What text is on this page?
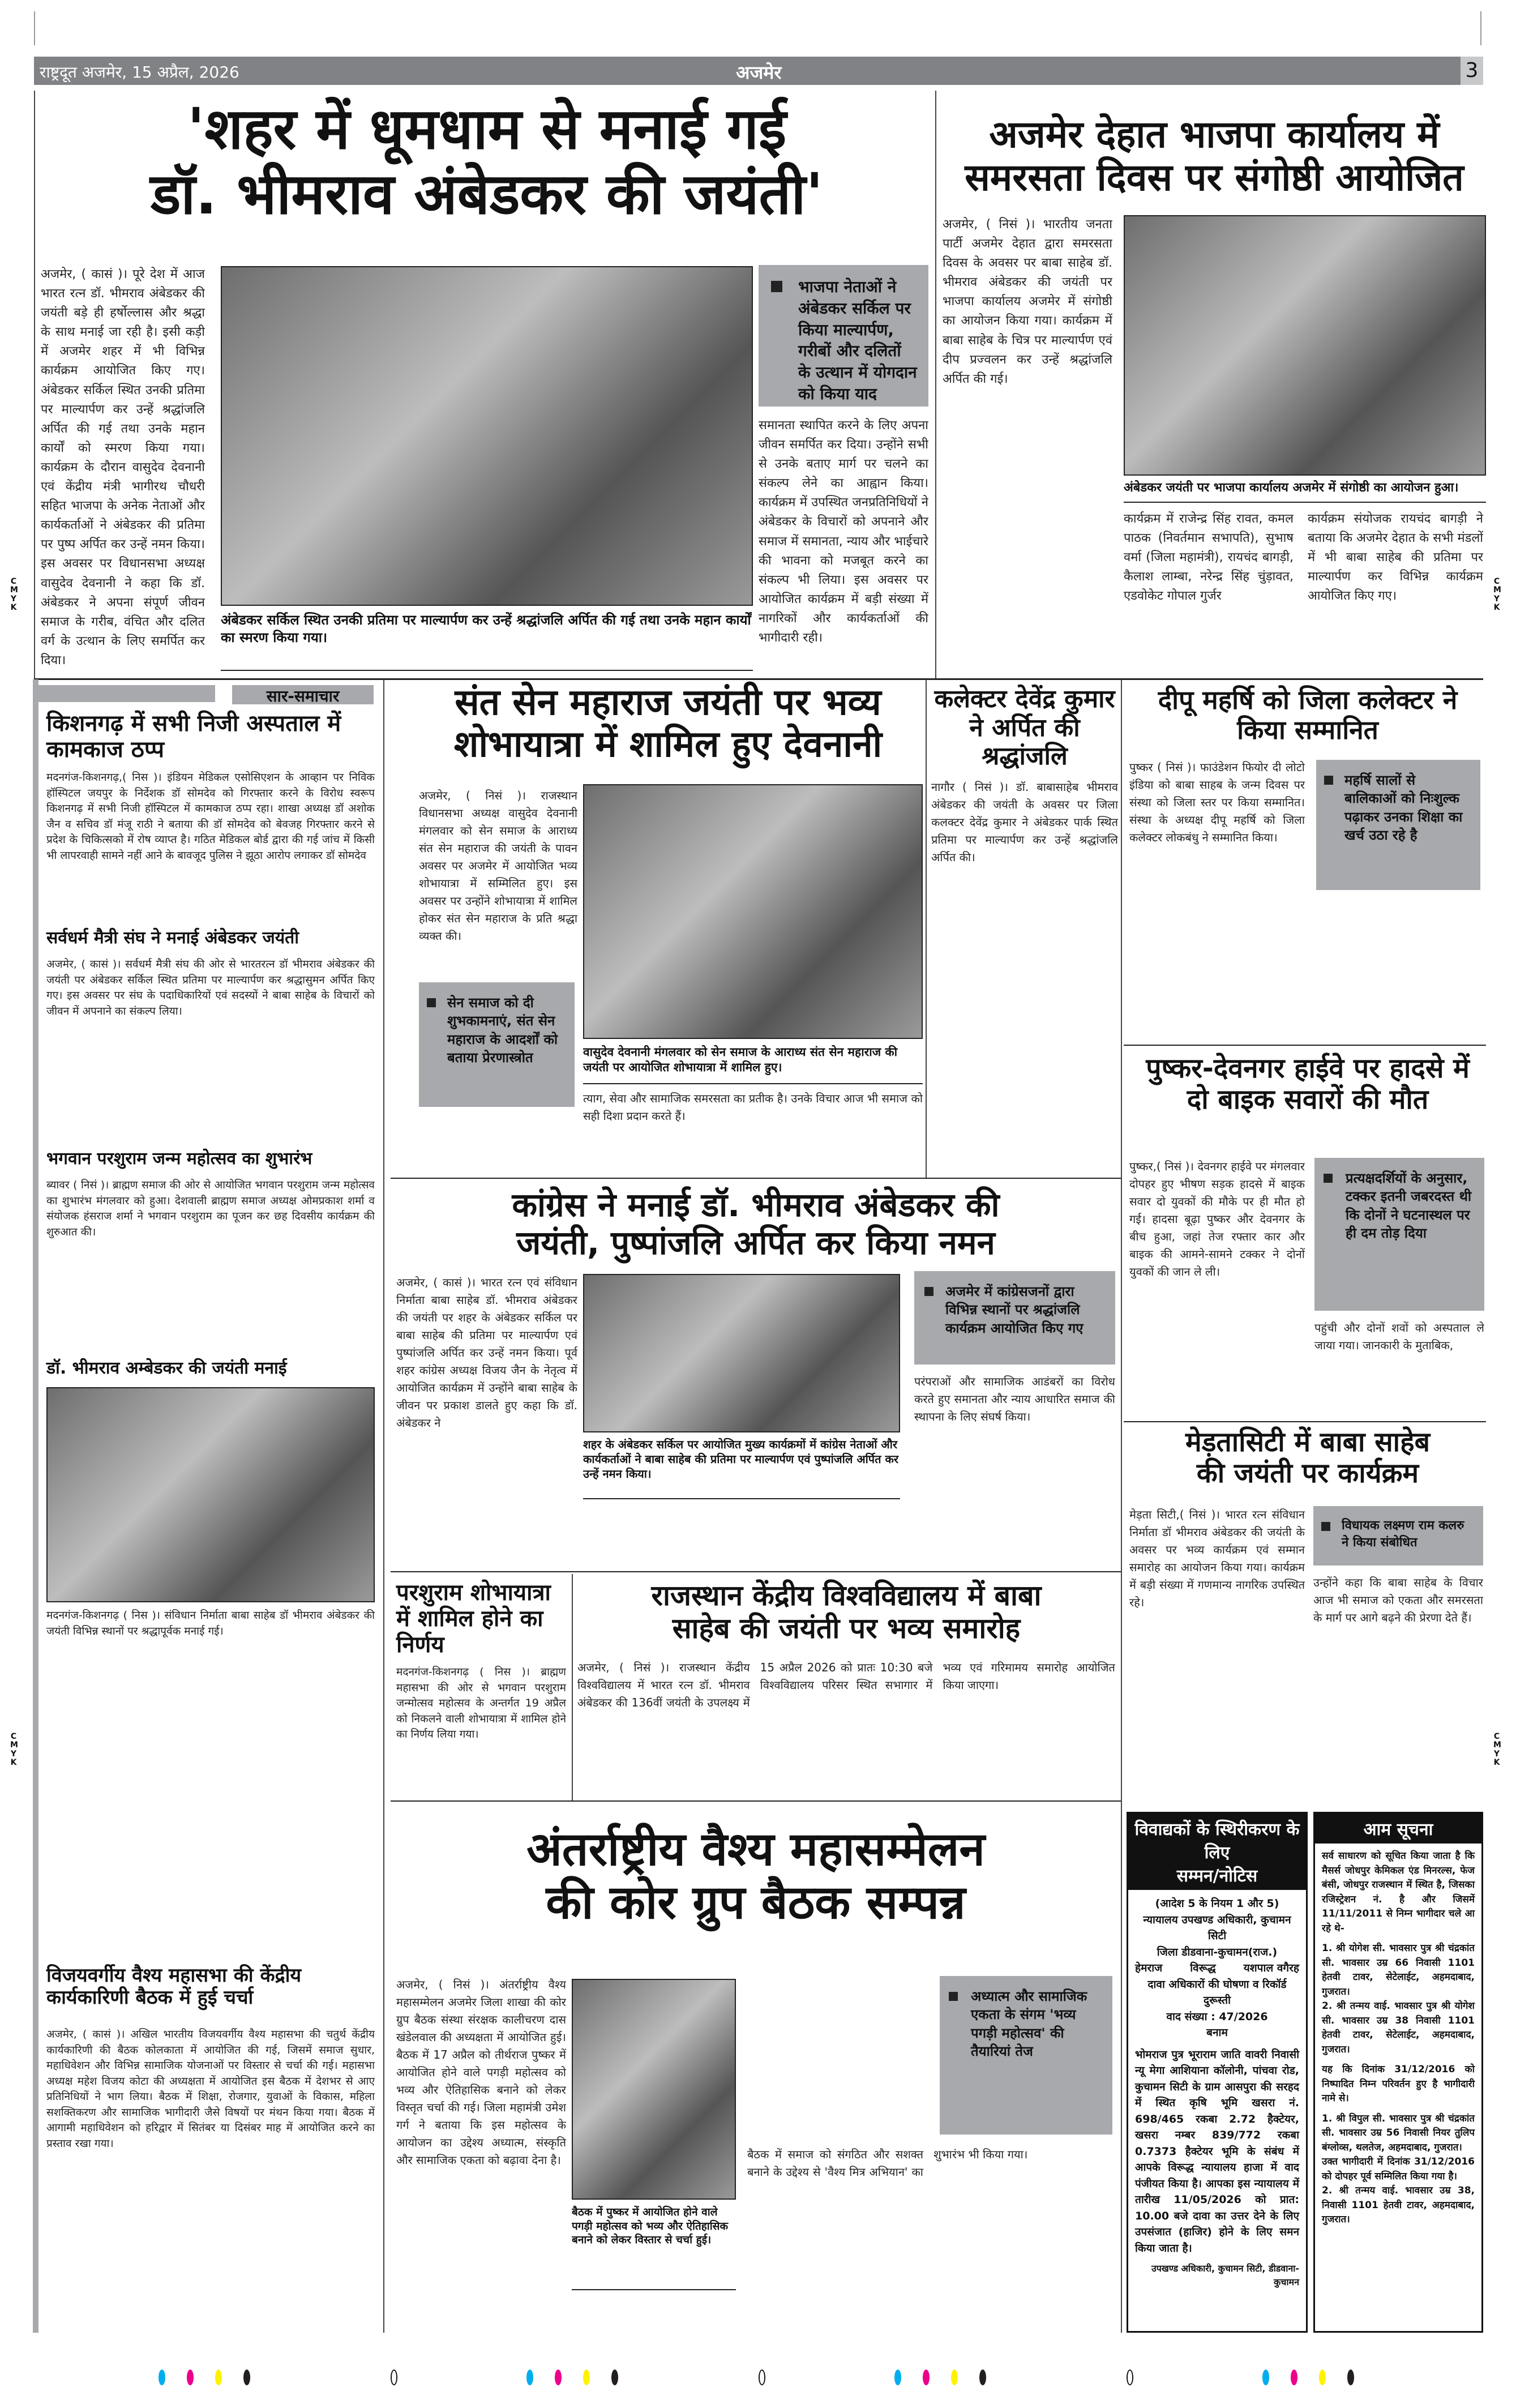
राष्ट्रदूत अजमेर, 15 अप्रैल, 2026	अजमेर	3
'शहर में धूमधाम से मनाई गई
डॉ. भीमराव अंबेडकर की जयंती'
अजमेर, ( कासं )। पूरे देश में आज भारत रत्न डॉ. भीमराव अंबेडकर की जयंती बड़े ही हर्षोल्लास और श्रद्धा के साथ मनाई जा रही है। इसी कड़ी में अजमेर शहर में भी विभिन्न कार्यक्रम आयोजित किए गए। अंबेडकर सर्किल स्थित उनकी प्रतिमा पर माल्यार्पण कर उन्हें श्रद्धांजलि अर्पित की गई तथा उनके महान कार्यों को स्मरण किया गया। कार्यक्रम के दौरान वासुदेव देवनानी एवं केंद्रीय मंत्री भागीरथ चौधरी सहित भाजपा के अनेक नेताओं और कार्यकर्ताओं ने अंबेडकर की प्रतिमा पर पुष्प अर्पित कर उन्हें नमन किया। इस अवसर पर विधानसभा अध्यक्ष वासुदेव देवनानी ने कहा कि डॉ. अंबेडकर ने अपना संपूर्ण जीवन समाज के गरीब, वंचित और दलित वर्ग के उत्थान के लिए समर्पित कर दिया।
अंबेडकर सर्किल स्थित उनकी प्रतिमा पर माल्यार्पण कर उन्हें श्रद्धांजलि अर्पित की गई तथा उनके महान कार्यों का स्मरण किया गया।
भाजपा नेताओं ने अंबेडकर सर्किल पर किया माल्यार्पण, गरीबों और दलितों के उत्थान में योगदान को किया याद
समानता स्थापित करने के लिए अपना जीवन समर्पित कर दिया। उन्होंने सभी से उनके बताए मार्ग पर चलने का संकल्प लेने का आह्वान किया। कार्यक्रम में उपस्थित जनप्रतिनिधियों ने अंबेडकर के विचारों को अपनाने और समाज में समानता, न्याय और भाईचारे की भावना को मजबूत करने का संकल्प भी लिया। इस अवसर पर आयोजित कार्यक्रम में बड़ी संख्या में नागरिकों और कार्यकर्ताओं की भागीदारी रही।
अजमेर देहात भाजपा कार्यालय में
समरसता दिवस पर संगोष्ठी आयोजित
अजमेर, ( निसं )। भारतीय जनता पार्टी अजमेर देहात द्वारा समरसता दिवस के अवसर पर बाबा साहेब डॉ. भीमराव अंबेडकर की जयंती पर भाजपा कार्यालय अजमेर में संगोष्ठी का आयोजन किया गया। कार्यक्रम में बाबा साहेब के चित्र पर माल्यार्पण एवं दीप प्रज्वलन कर उन्हें श्रद्धांजलि अर्पित की गई।
अंबेडकर जयंती पर भाजपा कार्यालय अजमेर में संगोष्ठी का आयोजन हुआ।
कार्यक्रम में राजेन्द्र सिंह रावत, कमल पाठक (निवर्तमान सभापति), सुभाष वर्मा (जिला महामंत्री), रायचंद बागड़ी, कैलाश लाम्बा, नरेन्द्र सिंह चुंड़ावत, एडवोकेट गोपाल गुर्जर
कार्यक्रम संयोजक रायचंद बागड़ी ने बताया कि अजमेर देहात के सभी मंडलों में भी बाबा साहेब की प्रतिमा पर माल्यार्पण कर विभिन्न कार्यक्रम आयोजित किए गए।
सार-समाचार
किशनगढ़ में सभी निजी अस्पताल में कामकाज ठप्प
मदनगंज-किशनगढ़,( निस )। इंडियन मेडिकल एसोसिएशन के आव्हान पर निविक हॉस्पिटल जयपुर के निर्देशक डॉ सोमदेव को गिरफ्तार करने के विरोध स्वरूप किशनगढ़ में सभी निजी हॉस्पिटल में कामकाज ठप्प रहा। शाखा अध्यक्ष डॉ अशोक जैन व सचिव डॉ मंजू राठी ने बताया की डॉ सोमदेव को बेवजह गिरफ्तार करने से प्रदेश के चिकित्सको में रोष व्याप्त है। गठित मेडिकल बोर्ड द्वारा की गई जांच में किसी भी लापरवाही सामने नहीं आने के बावजूद पुलिस ने झूठा आरोप लगाकर डॉ सोमदेव
सर्वधर्म मैत्री संघ ने मनाई अंबेडकर जयंती
अजमेर, ( कासं )। सर्वधर्म मैत्री संघ की ओर से भारतरत्न डॉ भीमराव अंबेडकर की जयंती पर अंबेडकर सर्किल स्थित प्रतिमा पर माल्यार्पण कर श्रद्धासुमन अर्पित किए गए। इस अवसर पर संघ के पदाधिकारियों एवं सदस्यों ने बाबा साहेब के विचारों को जीवन में अपनाने का संकल्प लिया।
भगवान परशुराम जन्म महोत्सव का शुभारंभ
ब्यावर ( निसं )। ब्राह्मण समाज की ओर से आयोजित भगवान परशुराम जन्म महोत्सव का शुभारंभ मंगलवार को हुआ। देशवाली ब्राह्मण समाज अध्यक्ष ओमप्रकाश शर्मा व संयोजक हंसराज शर्मा ने भगवान परशुराम का पूजन कर छह दिवसीय कार्यक्रम की शुरुआत की।
डॉ. भीमराव अम्बेडकर की जयंती मनाई
मदनगंज-किशनगढ़ ( निस )। संविधान निर्माता बाबा साहेब डॉ भीमराव अंबेडकर की जयंती विभिन्न स्थानों पर श्रद्धापूर्वक मनाई गई।
विजयवर्गीय वैश्य महासभा की केंद्रीय कार्यकारिणी बैठक में हुई चर्चा
अजमेर, ( कासं )। अखिल भारतीय विजयवर्गीय वैश्य महासभा की चतुर्थ केंद्रीय कार्यकारिणी की बैठक कोलकाता में आयोजित की गई, जिसमें समाज सुधार, महाधिवेशन और विभिन्न सामाजिक योजनाओं पर विस्तार से चर्चा की गई। महासभा अध्यक्ष महेश विजय कोटा की अध्यक्षता में आयोजित इस बैठक में देशभर से आए प्रतिनिधियों ने भाग लिया। बैठक में शिक्षा, रोजगार, युवाओं के विकास, महिला सशक्तिकरण और सामाजिक भागीदारी जैसे विषयों पर मंथन किया गया। बैठक में आगामी महाधिवेशन को हरिद्वार में सितंबर या दिसंबर माह में आयोजित करने का प्रस्ताव रखा गया।
संत सेन महाराज जयंती पर भव्य
शोभायात्रा में शामिल हुए देवनानी
अजमेर, ( निसं )। राजस्थान विधानसभा अध्यक्ष वासुदेव देवनानी मंगलवार को सेन समाज के आराध्य संत सेन महाराज की जयंती के पावन अवसर पर अजमेर में आयोजित भव्य शोभायात्रा में सम्मिलित हुए। इस अवसर पर उन्होंने शोभायात्रा में शामिल होकर संत सेन महाराज के प्रति श्रद्धा व्यक्त की।
सेन समाज को दी शुभकामनाएं, संत सेन महाराज के आदर्शों को बताया प्रेरणास्त्रोत	वासुदेव देवनानी मंगलवार को सेन समाज के आराध्य संत सेन महाराज की जयंती पर आयोजित शोभायात्रा में शामिल हुए।
त्याग, सेवा और सामाजिक समरसता का प्रतीक है। उनके विचार आज भी समाज को सही दिशा प्रदान करते हैं।
कलेक्टर देवेंद्र कुमार ने अर्पित की श्रद्धांजलि
नागौर ( निसं )। डॉ. बाबासाहेब भीमराव अंबेडकर की जयंती के अवसर पर जिला कलक्टर देवेंद्र कुमार ने अंबेडकर पार्क स्थित प्रतिमा पर माल्यार्पण कर उन्हें श्रद्धांजलि अर्पित की।
दीपू महर्षि को जिला कलेक्टर ने किया सम्मानित
पुष्कर ( निसं )। फाउंडेशन फियोर दी लोटो इंडिया को बाबा साहब के जन्म दिवस पर संस्था को जिला स्तर पर किया सम्मानित। संस्था के अध्यक्ष दीपू महर्षि को जिला कलेक्टर लोकबंधु ने सम्मानित किया।
महर्षि सालों से बालिकाओं को निःशुल्क पढ़ाकर उनका शिक्षा का खर्च उठा रहे है
पुष्कर-देवनगर हाईवे पर हादसे में
दो बाइक सवारों की मौत
पुष्कर,( निसं )। देवनगर हाईवे पर मंगलवार दोपहर हुए भीषण सड़क हादसे में बाइक सवार दो युवकों की मौके पर ही मौत हो गई। हादसा बूढ़ा पुष्कर और देवनगर के बीच हुआ, जहां तेज रफ्तार कार और बाइक की आमने-सामने टक्कर ने दोनों युवकों की जान ले ली।
प्रत्यक्षदर्शियों के अनुसार, टक्कर इतनी जबरदस्त थी कि दोनों ने घटनास्थल पर ही दम तोड़ दिया
पहुंची और दोनों शवों को अस्पताल ले जाया गया। जानकारी के मुताबिक,
कांग्रेस ने मनाई डॉ. भीमराव अंबेडकर की
जयंती, पुष्पांजलि अर्पित कर किया नमन
अजमेर, ( कासं )। भारत रत्न एवं संविधान निर्माता बाबा साहेब डॉ. भीमराव अंबेडकर की जयंती पर शहर के अंबेडकर सर्किल पर बाबा साहेब की प्रतिमा पर माल्यार्पण एवं पुष्पांजलि अर्पित कर उन्हें नमन किया। पूर्व शहर कांग्रेस अध्यक्ष विजय जैन के नेतृत्व में आयोजित कार्यक्रम में उन्होंने बाबा साहेब के जीवन पर प्रकाश डालते हुए कहा कि डॉ. अंबेडकर ने
शहर के अंबेडकर सर्किल पर आयोजित मुख्य कार्यक्रमों में कांग्रेस नेताओं और कार्यकर्ताओं ने बाबा साहेब की प्रतिमा पर माल्यार्पण एवं पुष्पांजलि अर्पित कर उन्हें नमन किया।
अजमेर में कांग्रेसजनों द्वारा विभिन्न स्थानों पर श्रद्धांजलि कार्यक्रम आयोजित किए गए
परंपराओं और सामाजिक आडंबरों का विरोध करते हुए समानता और न्याय आधारित समाज की स्थापना के लिए संघर्ष किया।
मेड़तासिटी में बाबा साहेब
की जयंती पर कार्यक्रम
मेड़ता सिटी,( निसं )। भारत रत्न संविधान निर्माता डॉ भीमराव अंबेडकर की जयंती के अवसर पर भव्य कार्यक्रम एवं सम्मान समारोह का आयोजन किया गया। कार्यक्रम में बड़ी संख्या में गणमान्य नागरिक उपस्थित रहे।
विधायक लक्ष्मण राम कलरु ने किया संबोधित
उन्होंने कहा कि बाबा साहेब के विचार आज भी समाज को एकता और समरसता के मार्ग पर आगे बढ़ने की प्रेरणा देते हैं।
परशुराम शोभायात्रा में शामिल होने का निर्णय
मदनगंज-किशनगढ़ ( निस )। ब्राह्मण महासभा की ओर से भगवान परशुराम जन्मोत्सव महोत्सव के अन्तर्गत 19 अप्रैल को निकलने वाली शोभायात्रा में शामिल होने का निर्णय लिया गया।
राजस्थान केंद्रीय विश्वविद्यालय में बाबा
साहेब की जयंती पर भव्य समारोह
अजमेर, ( निसं )। राजस्थान केंद्रीय विश्वविद्यालय में भारत रत्न डॉ. भीमराव अंबेडकर की 136वीं जयंती के उपलक्ष्य में 15 अप्रैल 2026 को प्रातः 10:30 बजे विश्वविद्यालय परिसर स्थित सभागार में भव्य एवं गरिमामय समारोह आयोजित किया जाएगा।
अंतर्राष्ट्रीय वैश्य महासम्मेलन
की कोर ग्रुप बैठक सम्पन्न
अजमेर, ( निसं )। अंतर्राष्ट्रीय वैश्य महासम्मेलन अजमेर जिला शाखा की कोर ग्रुप बैठक संस्था संरक्षक कालीचरण दास खंडेलवाल की अध्यक्षता में आयोजित हुई। बैठक में 17 अप्रैल को तीर्थराज पुष्कर में आयोजित होने वाले पगड़ी महोत्सव को भव्य और ऐतिहासिक बनाने को लेकर विस्तृत चर्चा की गई। जिला महामंत्री उमेश गर्ग ने बताया कि इस महोत्सव के आयोजन का उद्देश्य अध्यात्म, संस्कृति और सामाजिक एकता को बढ़ावा देना है।
बैठक में पुष्कर में आयोजित होने वाले पगड़ी महोत्सव को भव्य और ऐतिहासिक बनाने को लेकर विस्तार से चर्चा हुई।
अध्यात्म और सामाजिक एकता के संगम 'भव्य पगड़ी महोत्सव' की तैयारियां तेज
बैठक में समाज को संगठित और सशक्त बनाने के उद्देश्य से 'वैश्य मित्र अभियान' का शुभारंभ भी किया गया।
विवाद्यकों के स्थिरीकरण के लिए
सम्मन/नोटिस
(आदेश 5 के नियम 1 और 5)
न्यायालय उपखण्ड अधिकारी, कुचामन सिटी
जिला डीडवाना-कुचामन(राज.)
हेमराज	विरूद्ध	यशपाल वगैरह
दावा अधिकारों की घोषणा व रिकॉर्ड दुरूस्ती
वाद संख्या : 47/2026
बनाम
भोमराज पुत्र भूराराम जाति वावरी निवासी न्यू मेगा आशियाना कॉलोनी, पांचवा रोड, कुचामन सिटी के ग्राम आसपुरा की सरहद में स्थित कृषि भूमि खसरा नं. 698/465 रकबा 2.72 हैक्टेयर, खसरा नम्बर 839/772 रकबा 0.7373 हैक्टेयर भूमि के संबंध में आपके विरूद्ध न्यायालय हाजा में वाद पंजीयत किया है। आपका इस न्यायालय में तारीख 11/05/2026 को प्रात: 10.00 बजे दावा का उत्तर देने के लिए उपसंजात (हाजिर) होने के लिए समन किया जाता है।
उपखण्ड अधिकारी, कुचामन सिटी, डीडवाना-कुचामन
आम सूचना
सर्व साधारण को सूचित किया जाता है कि मैसर्स जोधपुर केमिकल एंड मिनरल्स, फेज बंसी, जोधपुर राजस्थान में स्थित है, जिसका रजिस्ट्रेशन नं. है और जिसमें 11/11/2011 से निम्न भागीदार चले आ रहे थे-
1. श्री योगेश सी. भावसार पुत्र श्री चंद्रकांत सी. भावसार उम्र 66 निवासी 1101 हेतवी टावर, सेटेलाईट, अहमदाबाद, गुजरात।
2. श्री तन्मय वाई. भावसार पुत्र श्री योगेश सी. भावसार उम्र 38 निवासी 1101 हेतवी टावर, सेटेलाईट, अहमदाबाद, गुजरात।
यह कि दिनांक 31/12/2016 को निष्पादित निम्न परिवर्तन हुए है भागीदारी नामे से।
1. श्री विपुल सी. भावसार पुत्र श्री चंद्रकांत सी. भावसार उम्र 56 निवासी नियर तुलिप बंग्लोव्स, थलतेज, अहमदाबाद, गुजरात।
उक्त भागीदारी में दिनांक 31/12/2016 को दोपहर पूर्व सम्मिलित किया गया है।
2. श्री तन्मय वाई. भावसार उम्र 38, निवासी 1101 हेतवी टावर, अहमदाबाद, गुजरात।
C M Y K
C M Y K
C M Y K
C M Y K
